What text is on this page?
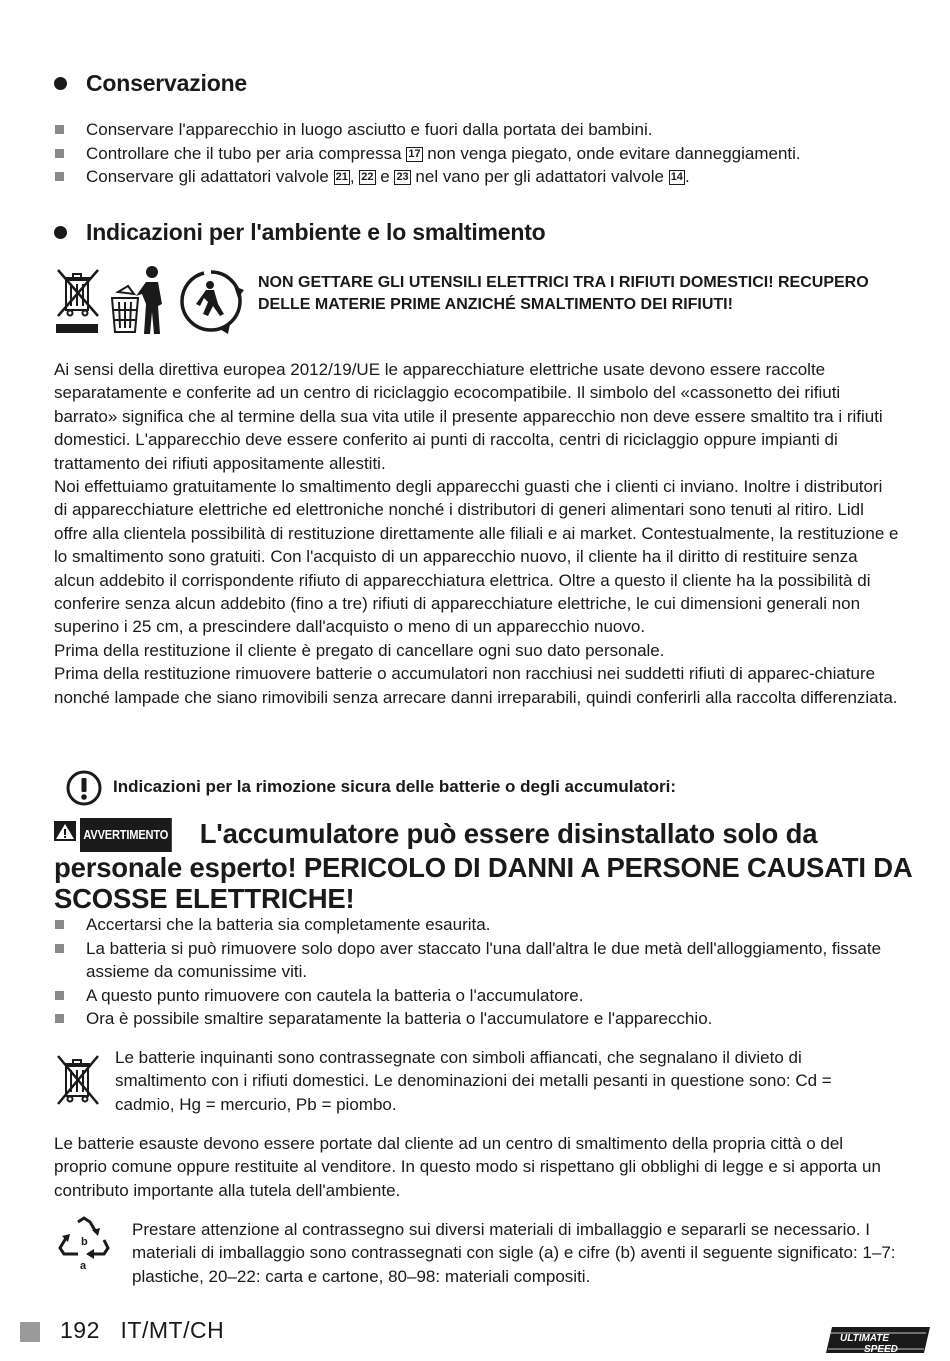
Conservazione
Conservare l'apparecchio in luogo asciutto e fuori dalla portata dei bambini.
Controllare che il tubo per aria compressa 17 non venga piegato, onde evitare danneggiamenti.
Conservare gli adattatori valvole 21 , 22 e 23 nel vano per gli adattatori valvole 14 .
Indicazioni per l'ambiente e lo smaltimento
NON GETTARE GLI UTENSILI ELETTRICI TRA I RIFIUTI DOMESTICI! RECUPERO DELLE MATERIE PRIME ANZICHÉ SMALTIMENTO DEI RIFIUTI!
Ai sensi della direttiva europea 2012/19/UE le apparecchiature elettriche usate devono essere raccolte separatamente e conferite ad un centro di riciclaggio ecocompatibile. Il simbolo del «cassonetto dei rifiuti barrato» significa che al termine della sua vita utile il presente apparecchio non deve essere smaltito tra i rifiuti domestici. L'apparecchio deve essere conferito ai punti di raccolta, centri di riciclaggio oppure impianti di trattamento dei rifiuti appositamente allestiti.
Noi effettuiamo gratuitamente lo smaltimento degli apparecchi guasti che i clienti ci inviano. Inoltre i distributori di apparecchiature elettriche ed elettroniche nonché i distributori di generi alimentari sono tenuti al ritiro. Lidl offre alla clientela possibilità di restituzione direttamente alle filiali e ai market. Contestualmente, la restituzione e lo smaltimento sono gratuiti. Con l'acquisto di un apparecchio nuovo, il cliente ha il diritto di restituire senza alcun addebito il corrispondente rifiuto di apparecchiatura elettrica. Oltre a questo il cliente ha la possibilità di conferire senza alcun addebito (fino a tre) rifiuti di apparecchiature elettriche, le cui dimensioni generali non superino i 25 cm, a prescindere dall'acquisto o meno di un apparecchio nuovo.
Prima della restituzione il cliente è pregato di cancellare ogni suo dato personale.
Prima della restituzione rimuovere batterie o accumulatori non racchiusi nei suddetti rifiuti di apparec-chiature nonché lampade che siano rimovibili senza arrecare danni irreparabili, quindi conferirli alla raccolta differenziata.
Indicazioni per la rimozione sicura delle batterie o degli accumulatori:
AVVERTIMENTO L'accumulatore può essere disinstallato solo da personale esperto! PERICOLO DI DANNI A PERSONE CAUSATI DA SCOSSE ELETTRICHE!
Accertarsi che la batteria sia completamente esaurita.
La batteria si può rimuovere solo dopo aver staccato l'una dall'altra le due metà dell'alloggiamento, fissate assieme da comunissime viti.
A questo punto rimuovere con cautela la batteria o l'accumulatore.
Ora è possibile smaltire separatamente la batteria o l'accumulatore e l'apparecchio.
Le batterie inquinanti sono contrassegnate con simboli affiancati, che segnalano il divieto di smaltimento con i rifiuti domestici. Le denominazioni dei metalli pesanti in questione sono: Cd = cadmio, Hg = mercurio, Pb = piombo.
Le batterie esauste devono essere portate dal cliente ad un centro di smaltimento della propria città o del proprio comune oppure restituite al venditore. In questo modo si rispettano gli obblighi di legge e si apporta un contributo importante alla tutela dell'ambiente.
b
a
Prestare attenzione al contrassegno sui diversi materiali di imballaggio e separarli se necessario. I materiali di imballaggio sono contrassegnati con sigle (a) e cifre (b) aventi il seguente significato: 1–7: plastiche, 20–22: carta e cartone, 80–98: materiali compositi.
192 IT/MT/CH	ULTIMATE
SPEED
